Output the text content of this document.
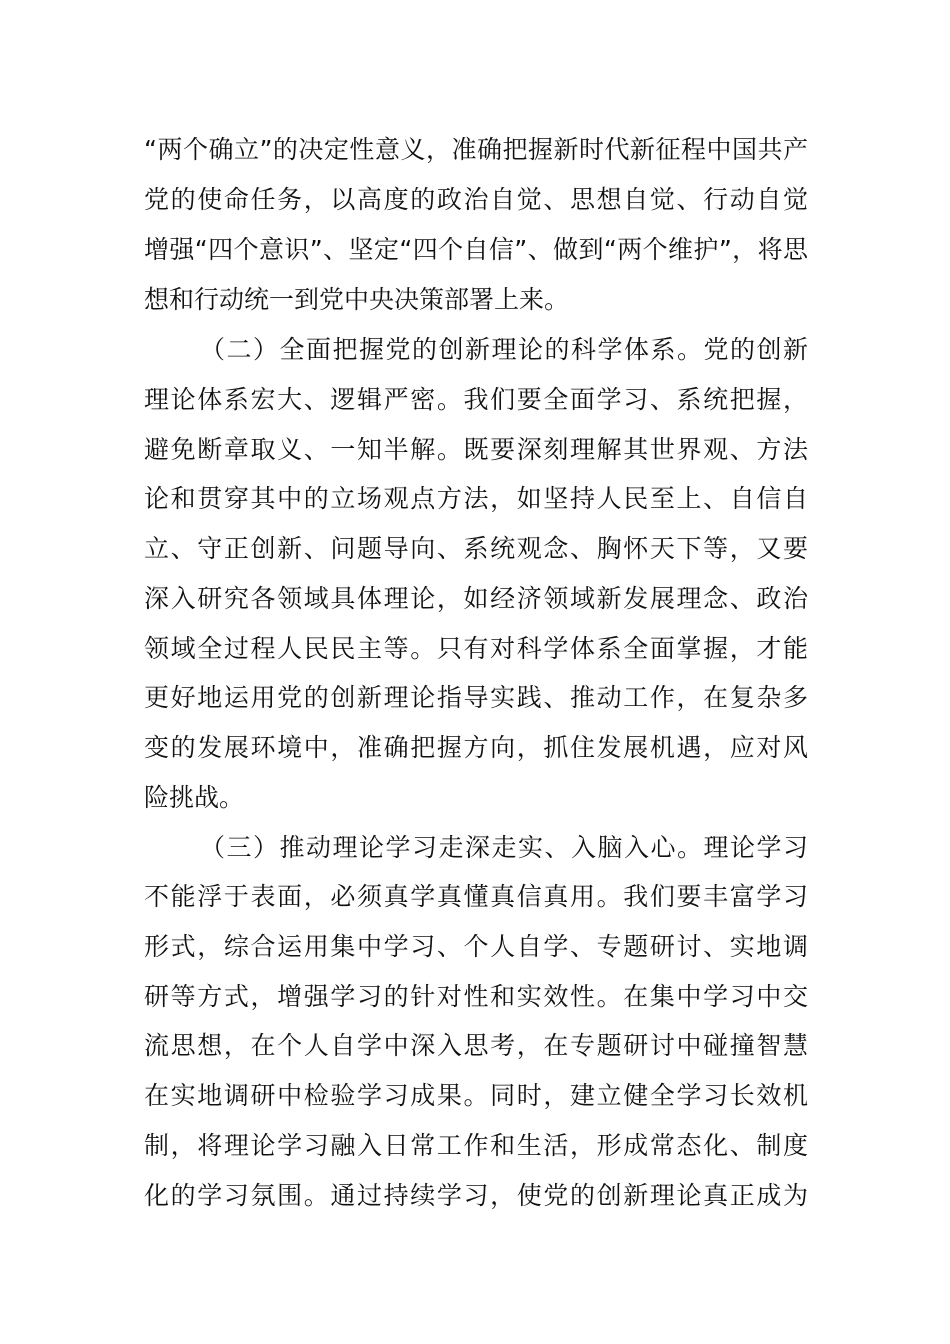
“两个确立”的决定性意义，准确把握新时代新征程中国共产
党的使命任务，以高度的政治自觉、思想自觉、行动自觉
增强“四个意识”、坚定“四个自信”、做到“两个维护”，将思
想和行动统一到党中央决策部署上来。
（二）全面把握党的创新理论的科学体系。党的创新
理论体系宏大、逻辑严密。我们要全面学习、系统把握，
避免断章取义、一知半解。既要深刻理解其世界观、方法
论和贯穿其中的立场观点方法，如坚持人民至上、自信自
立、守正创新、问题导向、系统观念、胸怀天下等，又要
深入研究各领域具体理论，如经济领域新发展理念、政治
领域全过程人民民主等。只有对科学体系全面掌握，才能
更好地运用党的创新理论指导实践、推动工作，在复杂多
变的发展环境中，准确把握方向，抓住发展机遇，应对风
险挑战。
（三）推动理论学习走深走实、入脑入心。理论学习
不能浮于表面，必须真学真懂真信真用。我们要丰富学习
形式，综合运用集中学习、个人自学、专题研讨、实地调
研等方式，增强学习的针对性和实效性。在集中学习中交
流思想，在个人自学中深入思考，在专题研讨中碰撞智慧
在实地调研中检验学习成果。同时，建立健全学习长效机
制，将理论学习融入日常工作和生活，形成常态化、制度
化的学习氛围。通过持续学习，使党的创新理论真正成为
